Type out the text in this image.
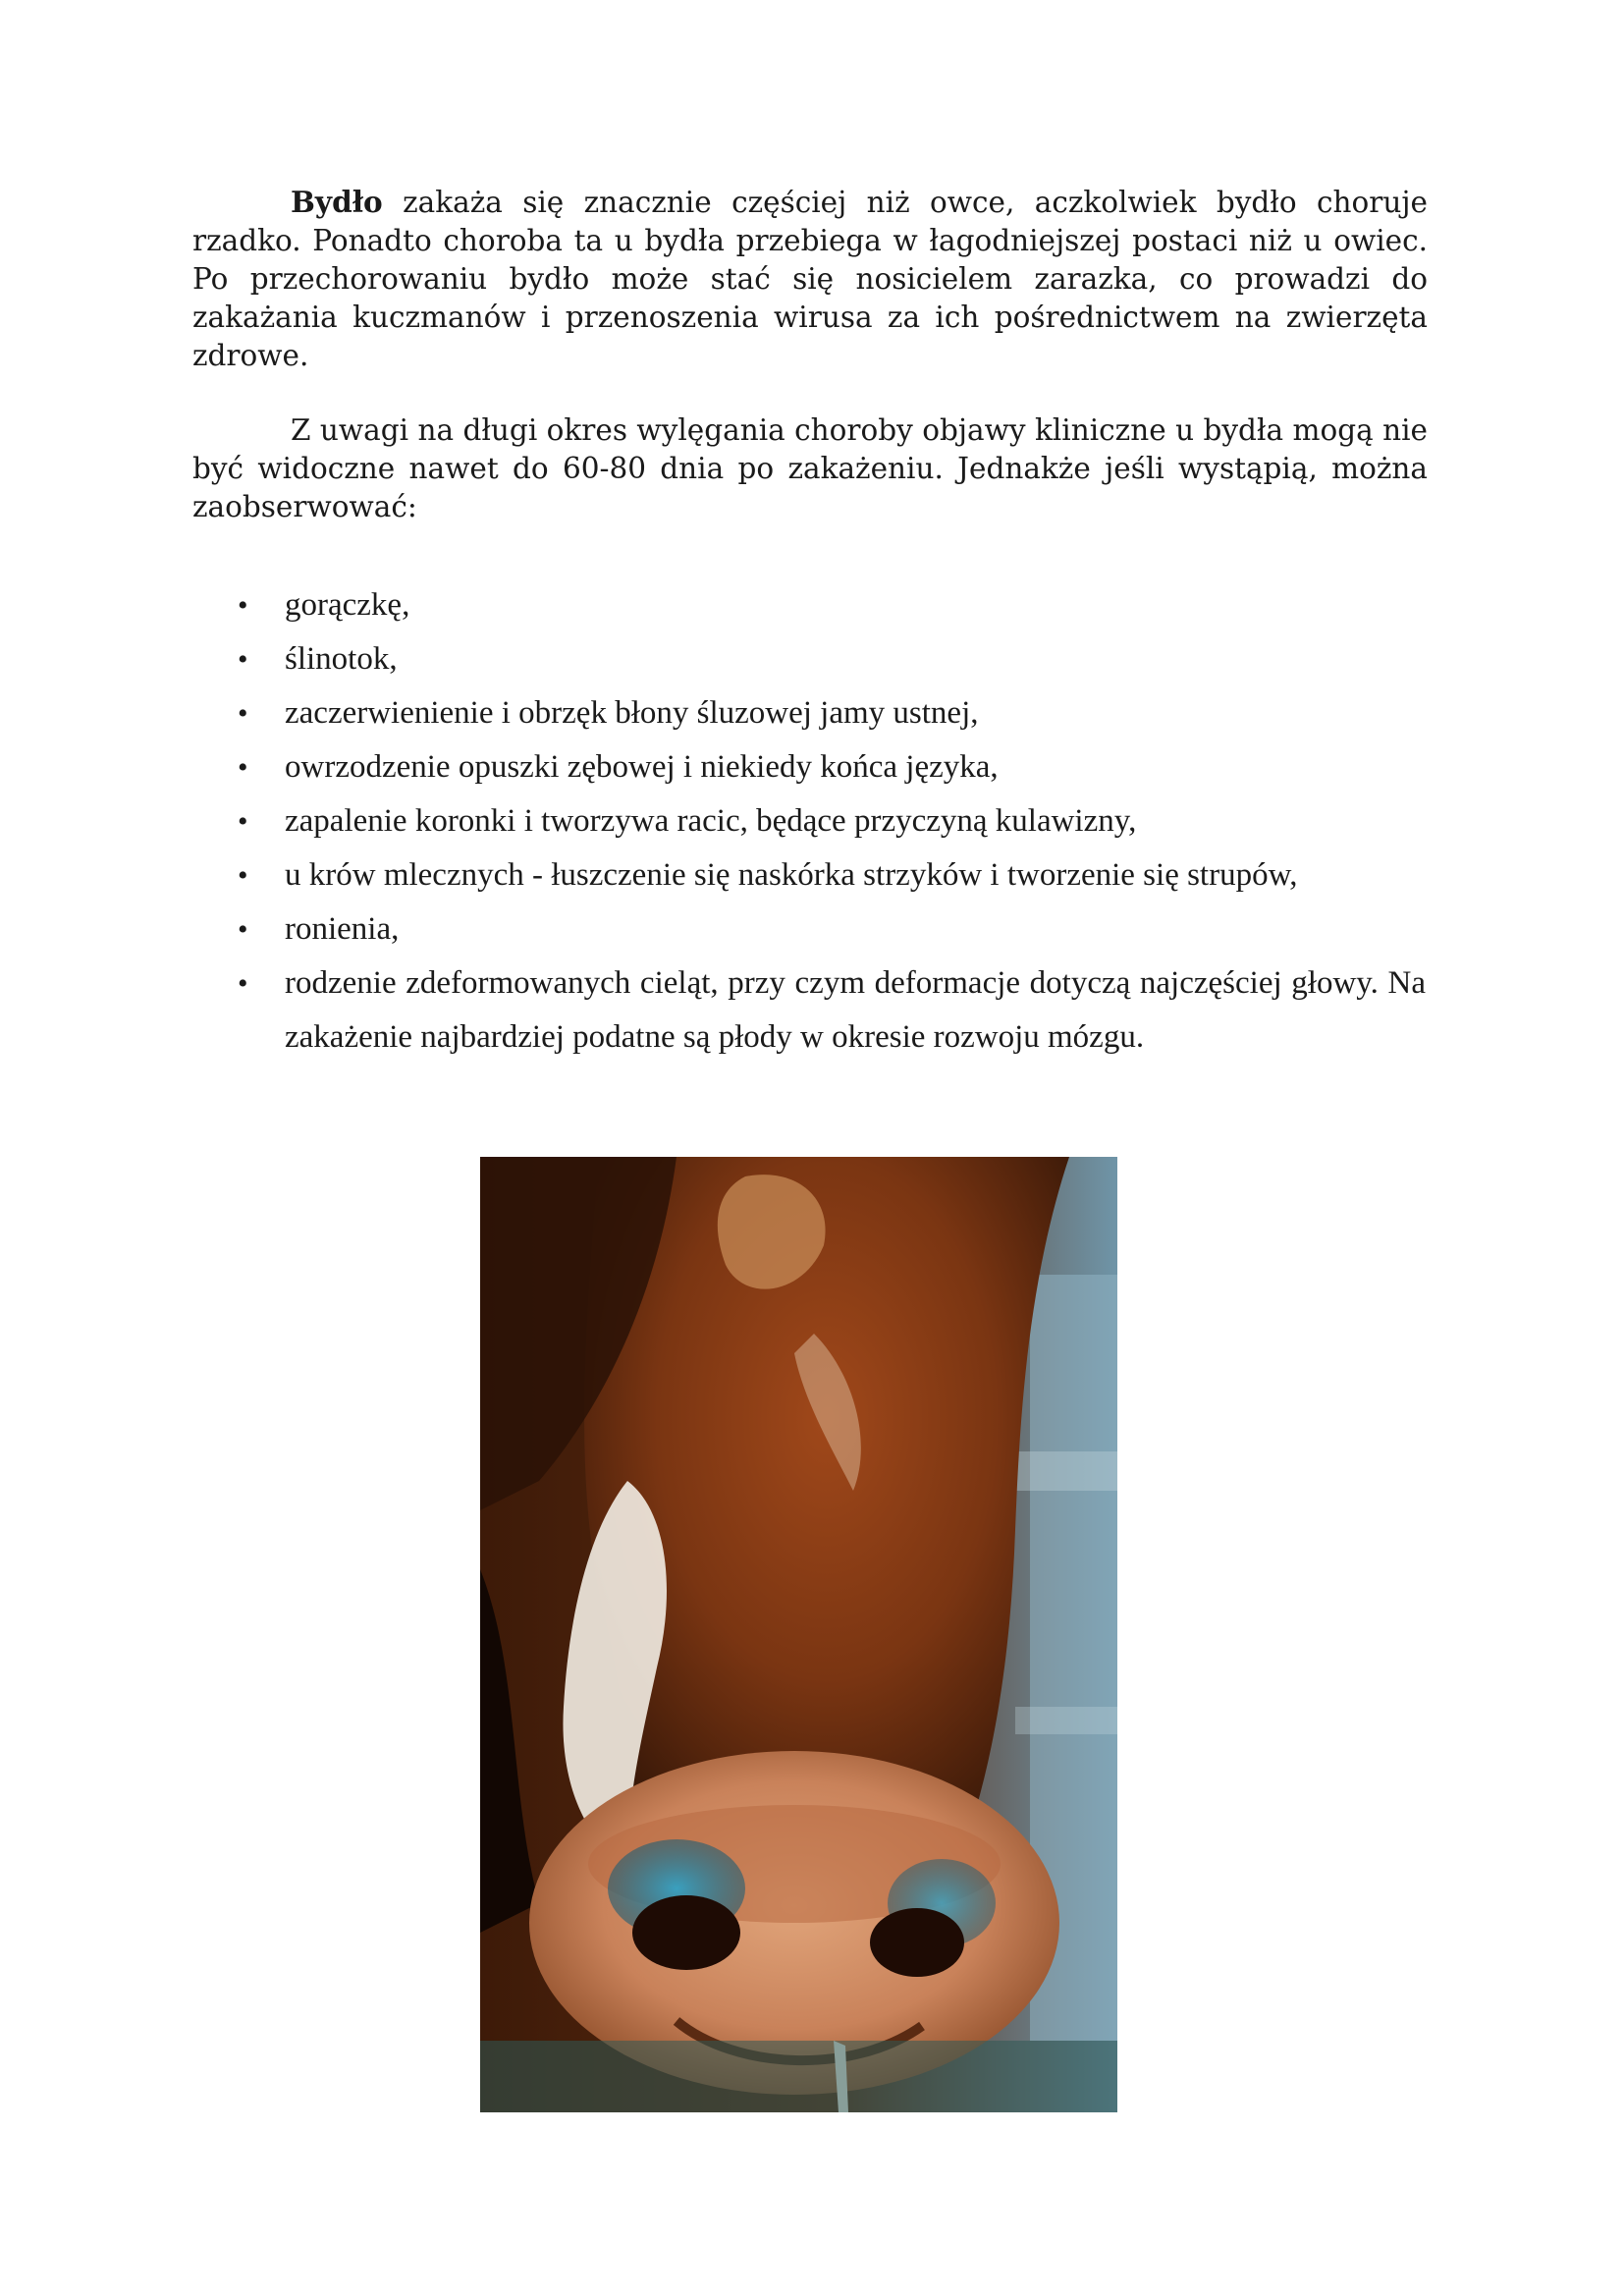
Bydło zakaża się znacznie częściej niż owce, aczkolwiek bydło choruje rzadko. Ponadto choroba ta u bydła przebiega w łagodniejszej postaci niż u owiec. Po przechorowaniu bydło może stać się nosicielem zarazka, co prowadzi do zakażania kuczmanów i przenoszenia wirusa za ich pośrednictwem na zwierzęta zdrowe.

Z uwagi na długi okres wylęgania choroby objawy kliniczne u bydła mogą nie być widoczne nawet do 60-80 dnia po zakażeniu. Jednakże jeśli wystąpią, można zaobserwować:

• gorączkę,
• ślinotok,
• zaczerwienienie i obrzęk błony śluzowej jamy ustnej,
• owrzodzenie opuszki zębowej i niekiedy końca języka,
• zapalenie koronki i tworzywa racic, będące przyczyną kulawizny,
• u krów mlecznych - łuszczenie się naskórka strzyków i tworzenie się strupów,
• ronienia,
• rodzenie zdeformowanych cieląt, przy czym deformacje dotyczą najczęściej głowy. Na zakażenie najbardziej podatne są płody w okresie rozwoju mózgu.
